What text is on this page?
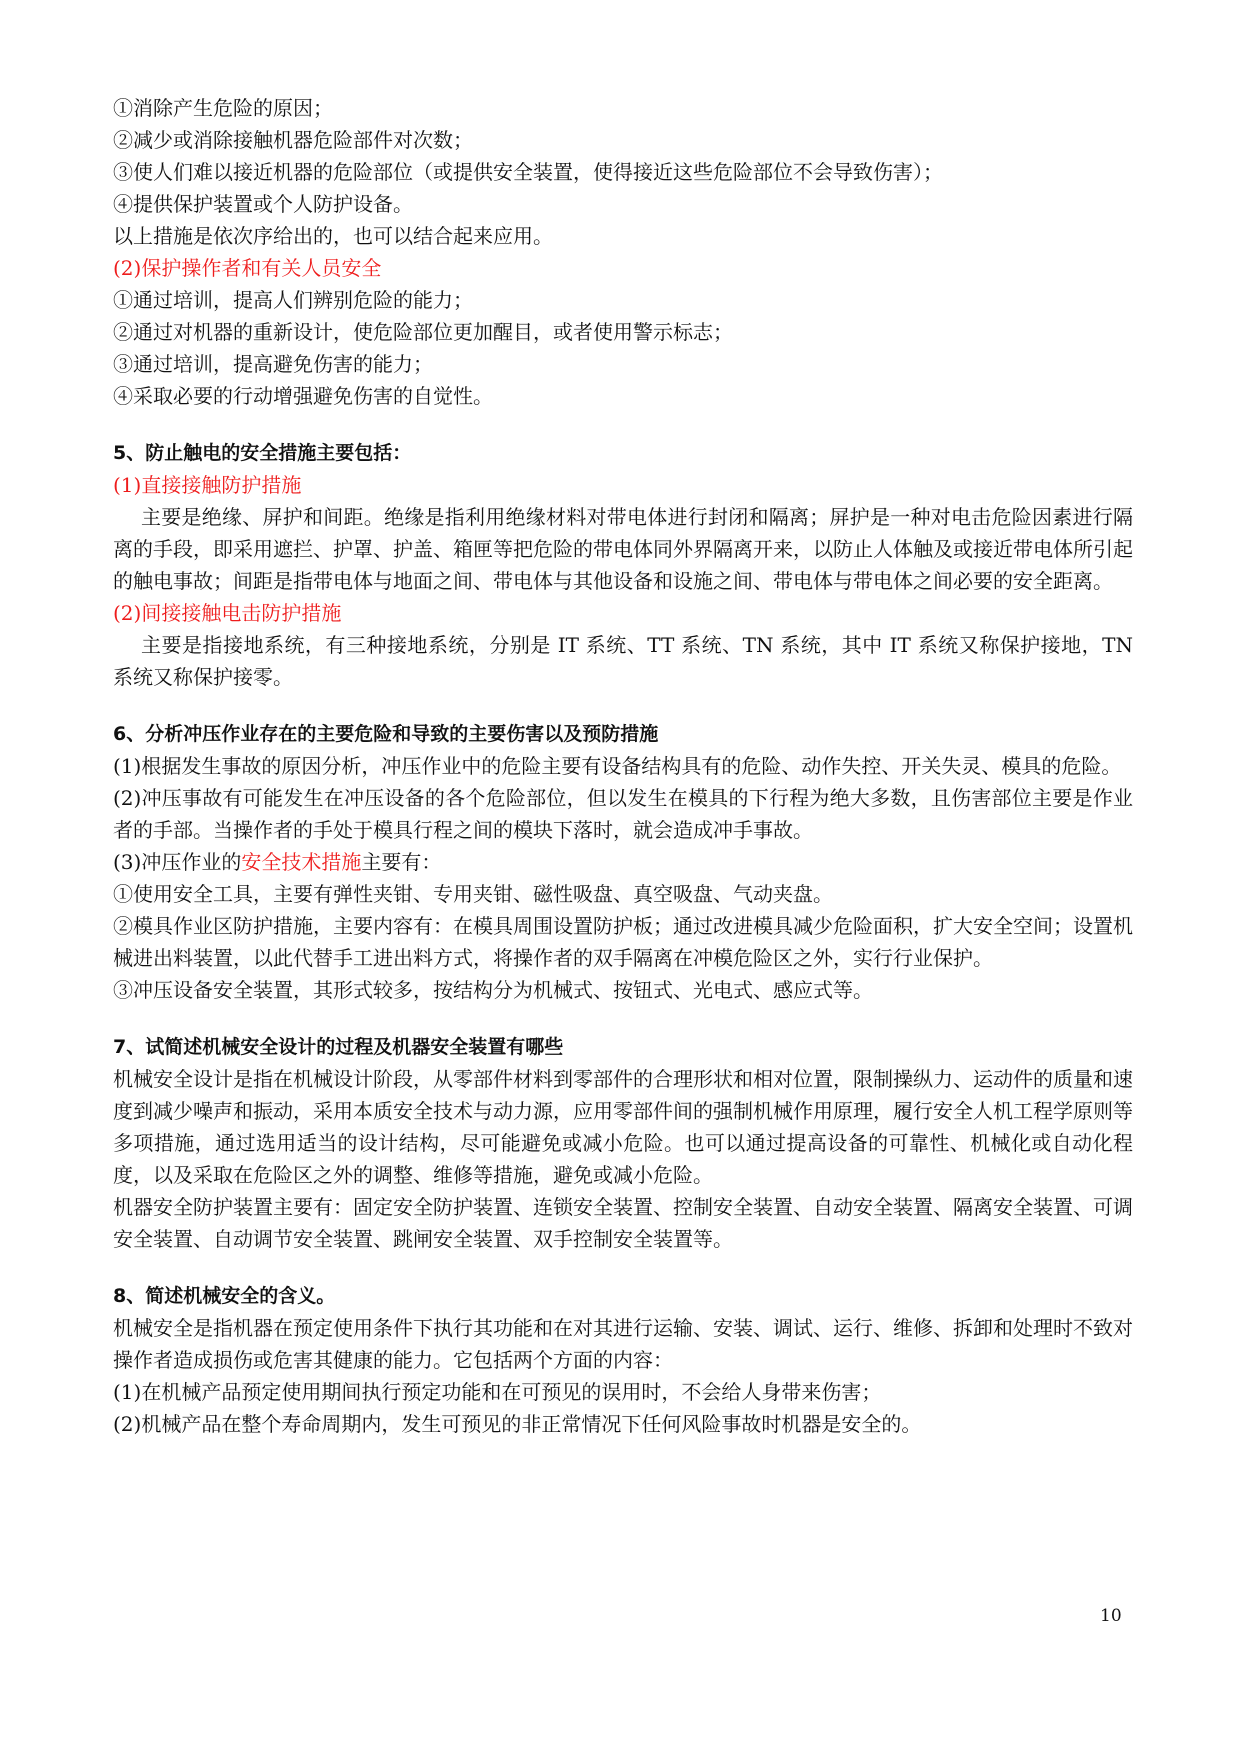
①消除产生危险的原因；

②减少或消除接触机器危险部件对次数；

③使人们难以接近机器的危险部位（或提供安全装置，使得接近这些危险部位不会导致伤害）；

④提供保护装置或个人防护设备。

以上措施是依次序给出的，也可以结合起来应用。

(2)保护操作者和有关人员安全

①通过培训，提高人们辨别危险的能力；

②通过对机器的重新设计，使危险部位更加醒目，或者使用警示标志；

③通过培训，提高避免伤害的能力；

④采取必要的行动增强避免伤害的自觉性。

5、防止触电的安全措施主要包括：

(1)直接接触防护措施

主要是绝缘、屏护和间距。绝缘是指利用绝缘材料对带电体进行封闭和隔离；屏护是一种对电击危险因素进行隔离的手段，即采用遮拦、护罩、护盖、箱匣等把危险的带电体同外界隔离开来，以防止人体触及或接近带电体所引起的触电事故；间距是指带电体与地面之间、带电体与其他设备和设施之间、带电体与带电体之间必要的安全距离。

(2)间接接触电击防护措施

主要是指接地系统，有三种接地系统，分别是 IT 系统、TT 系统、TN 系统，其中 IT 系统又称保护接地，TN 系统又称保护接零。

6、分析冲压作业存在的主要危险和导致的主要伤害以及预防措施

(1)根据发生事故的原因分析，冲压作业中的危险主要有设备结构具有的危险、动作失控、开关失灵、模具的危险。

(2)冲压事故有可能发生在冲压设备的各个危险部位，但以发生在模具的下行程为绝大多数，且伤害部位主要是作业者的手部。当操作者的手处于模具行程之间的模块下落时，就会造成冲手事故。

(3)冲压作业的安全技术措施主要有：

①使用安全工具，主要有弹性夹钳、专用夹钳、磁性吸盘、真空吸盘、气动夹盘。

②模具作业区防护措施，主要内容有：在模具周围设置防护板；通过改进模具减少危险面积，扩大安全空间；设置机械进出料装置，以此代替手工进出料方式，将操作者的双手隔离在冲模危险区之外，实行行业保护。

③冲压设备安全装置，其形式较多，按结构分为机械式、按钮式、光电式、感应式等。

7、试简述机械安全设计的过程及机器安全装置有哪些

机械安全设计是指在机械设计阶段，从零部件材料到零部件的合理形状和相对位置，限制操纵力、运动件的质量和速度到减少噪声和振动，采用本质安全技术与动力源，应用零部件间的强制机械作用原理，履行安全人机工程学原则等多项措施，通过选用适当的设计结构，尽可能避免或减小危险。也可以通过提高设备的可靠性、机械化或自动化程度，以及采取在危险区之外的调整、维修等措施，避免或减小危险。

机器安全防护装置主要有：固定安全防护装置、连锁安全装置、控制安全装置、自动安全装置、隔离安全装置、可调安全装置、自动调节安全装置、跳闸安全装置、双手控制安全装置等。

8、简述机械安全的含义。

机械安全是指机器在预定使用条件下执行其功能和在对其进行运输、安装、调试、运行、维修、拆卸和处理时不致对操作者造成损伤或危害其健康的能力。它包括两个方面的内容：

(1)在机械产品预定使用期间执行预定功能和在可预见的误用时，不会给人身带来伤害；

(2)机械产品在整个寿命周期内，发生可预见的非正常情况下任何风险事故时机器是安全的。

10
